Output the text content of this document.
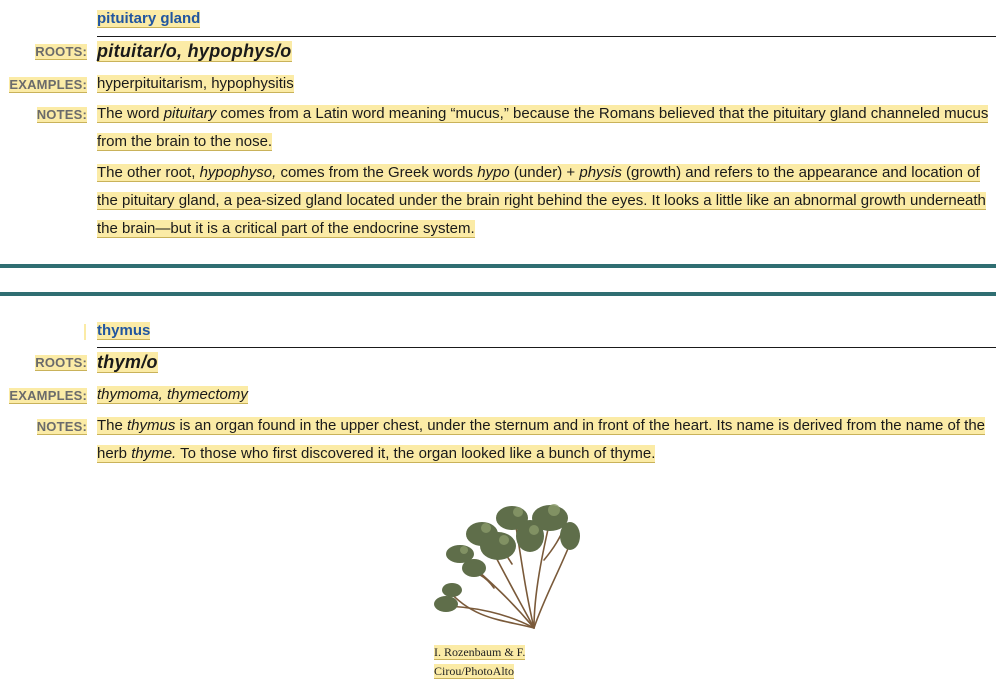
pituitary gland
ROOTS: pituitar/o, hypophys/o
EXAMPLES: hyperpituitarism, hypophysitis
NOTES: The word pituitary comes from a Latin word meaning “mucus,” because the Romans believed that the pituitary gland channeled mucus from the brain to the nose.
The other root, hypophyso, comes from the Greek words hypo (under) + physis (growth) and refers to the appearance and location of the pituitary gland, a pea-sized gland located under the brain right behind the eyes. It looks a little like an abnormal growth underneath the brain—but it is a critical part of the endocrine system.
thymus
ROOTS: thym/o
EXAMPLES: thymoma, thymectomy
NOTES: The thymus is an organ found in the upper chest, under the sternum and in front of the heart. Its name is derived from the name of the herb thyme. To those who first discovered it, the organ looked like a bunch of thyme.
I. Rozenbaum & F. Cirou/PhotoAlto
